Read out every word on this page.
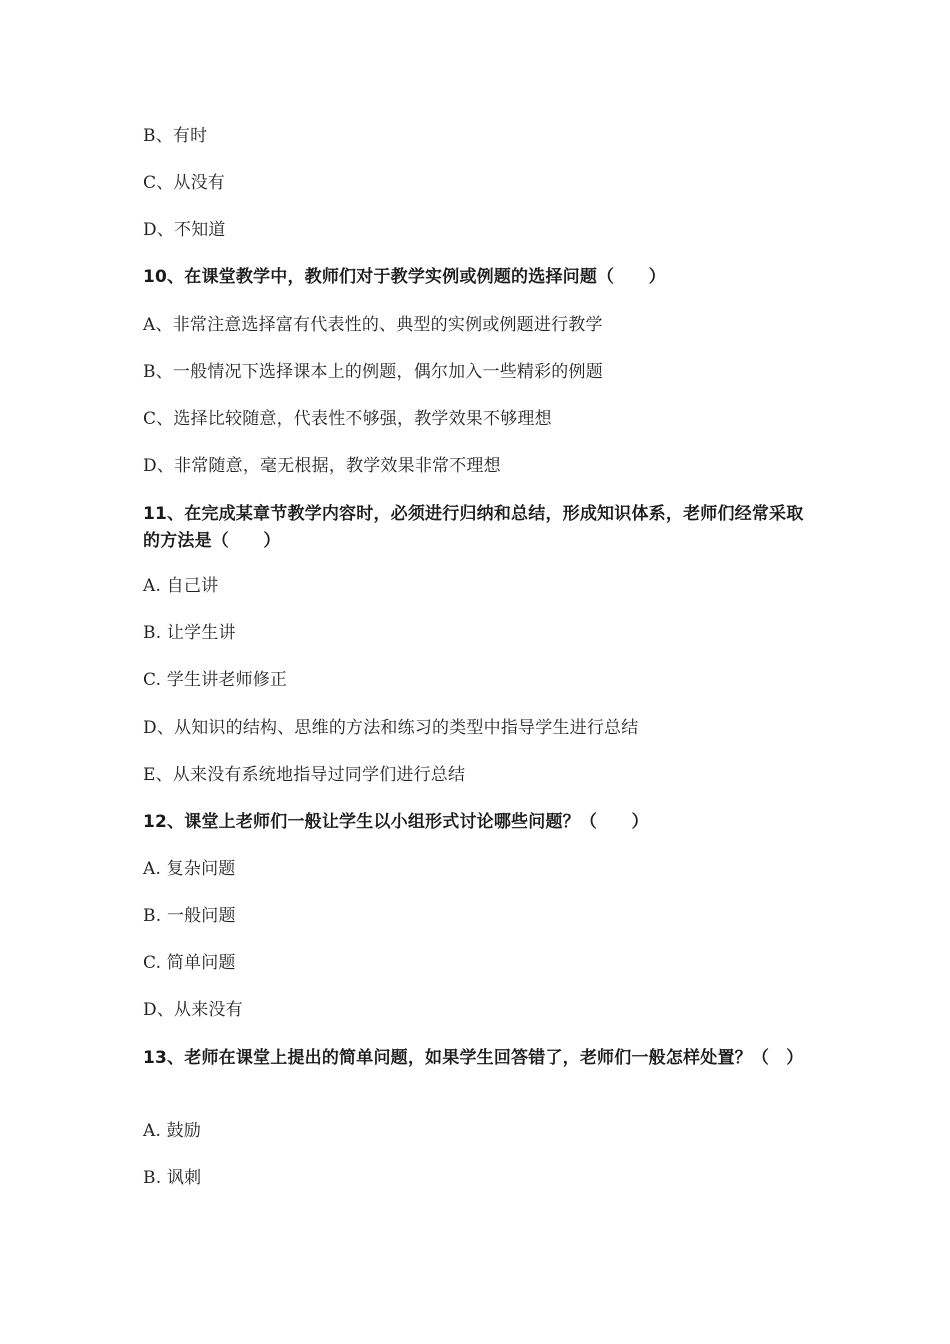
B、有时
C、从没有
D、不知道
10、在课堂教学中，教师们对于教学实例或例题的选择问题（　　）
A、非常注意选择富有代表性的、典型的实例或例题进行教学
B、一般情况下选择课本上的例题，偶尔加入一些精彩的例题
C、选择比较随意，代表性不够强，教学效果不够理想
D、非常随意，毫无根据，教学效果非常不理想
11、在完成某章节教学内容时，必须进行归纳和总结，形成知识体系，老师们经常采取的方法是（　　）
A. 自己讲
B. 让学生讲
C. 学生讲老师修正
D、从知识的结构、思维的方法和练习的类型中指导学生进行总结
E、从来没有系统地指导过同学们进行总结
12、课堂上老师们一般让学生以小组形式讨论哪些问题？（　　）
A. 复杂问题
B. 一般问题
C. 简单问题
D、从来没有
13、老师在课堂上提出的简单问题，如果学生回答错了，老师们一般怎样处置？（　）
A. 鼓励
B. 讽刺
